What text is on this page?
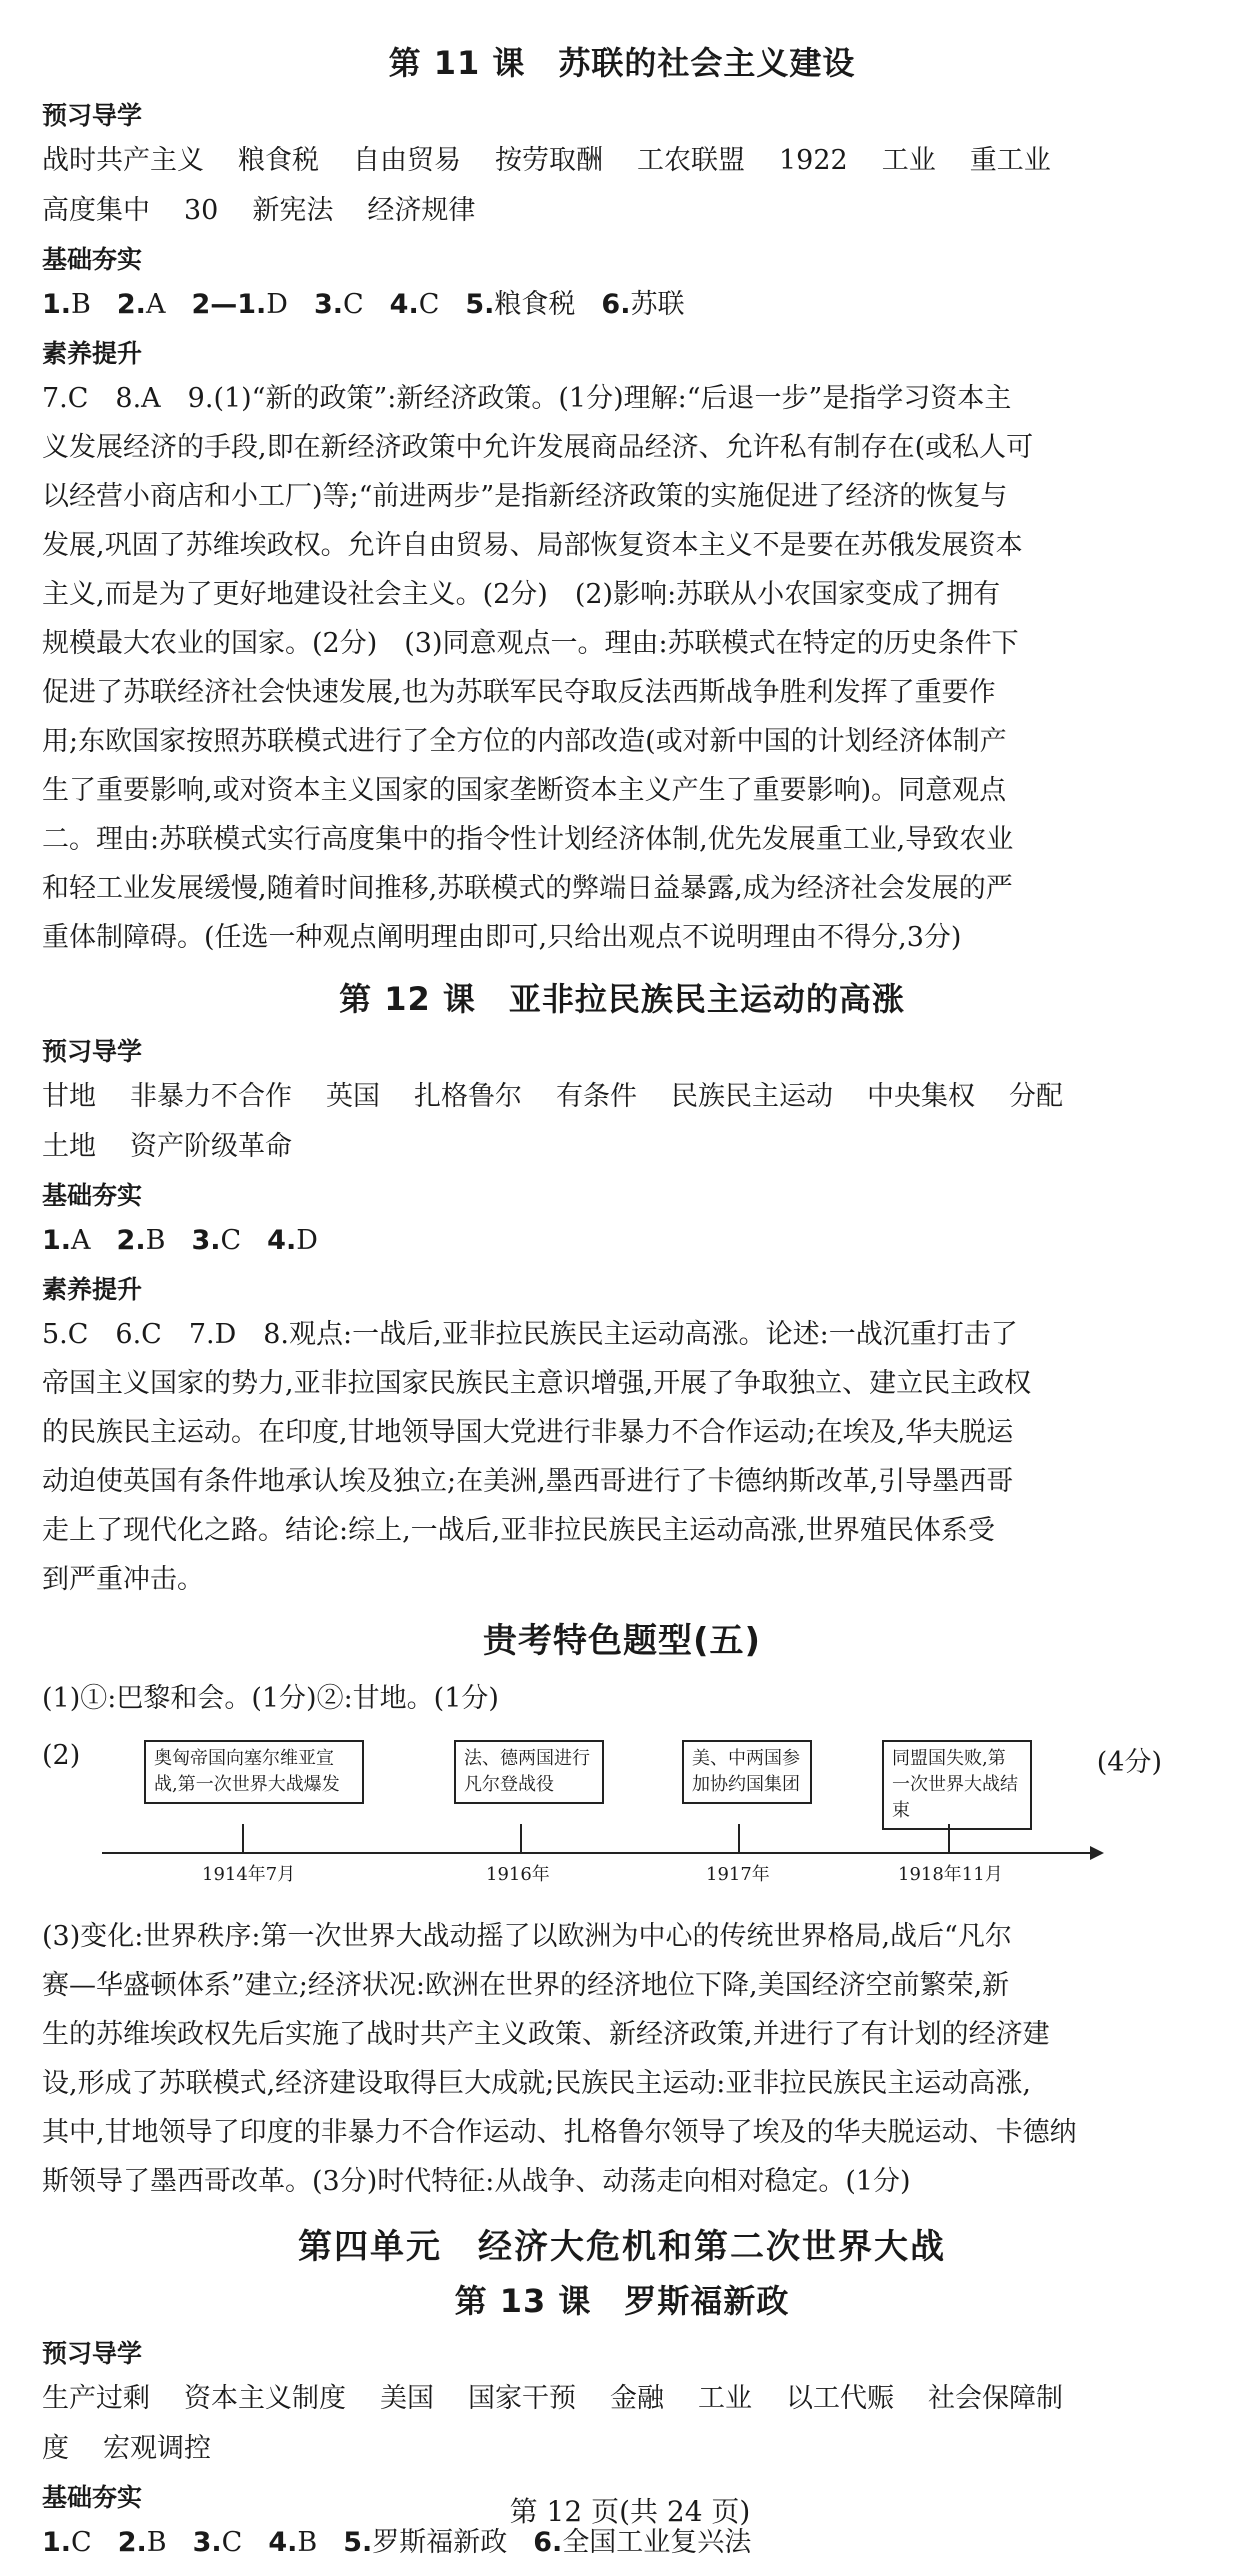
第 11 课　苏联的社会主义建设
预习导学
战时共产主义 粮食税 自由贸易 按劳取酬 工农联盟 1922 工业 重工业
高度集中 30 新宪法 经济规律
基础夯实
1.B 2.A 2—1.D 3.C 4.C 5.粮食税 6.苏联
素养提升
7.C　8.A　9.(1)“新的政策”:新经济政策。(1分)理解:“后退一步”是指学习资本主
义发展经济的手段,即在新经济政策中允许发展商品经济、允许私有制存在(或私人可
以经营小商店和小工厂)等;“前进两步”是指新经济政策的实施促进了经济的恢复与
发展,巩固了苏维埃政权。允许自由贸易、局部恢复资本主义不是要在苏俄发展资本
主义,而是为了更好地建设社会主义。(2分)　(2)影响:苏联从小农国家变成了拥有
规模最大农业的国家。(2分)　(3)同意观点一。理由:苏联模式在特定的历史条件下
促进了苏联经济社会快速发展,也为苏联军民夺取反法西斯战争胜利发挥了重要作
用;东欧国家按照苏联模式进行了全方位的内部改造(或对新中国的计划经济体制产
生了重要影响,或对资本主义国家的国家垄断资本主义产生了重要影响)。同意观点
二。理由:苏联模式实行高度集中的指令性计划经济体制,优先发展重工业,导致农业
和轻工业发展缓慢,随着时间推移,苏联模式的弊端日益暴露,成为经济社会发展的严
重体制障碍。(任选一种观点阐明理由即可,只给出观点不说明理由不得分,3分)
第 12 课　亚非拉民族民主运动的高涨
预习导学
甘地 非暴力不合作 英国 扎格鲁尔 有条件 民族民主运动 中央集权 分配
土地 资产阶级革命
基础夯实
1.A 2.B 3.C 4.D
素养提升
5.C　6.C　7.D　8.观点:一战后,亚非拉民族民主运动高涨。论述:一战沉重打击了
帝国主义国家的势力,亚非拉国家民族民主意识增强,开展了争取独立、建立民主政权
的民族民主运动。在印度,甘地领导国大党进行非暴力不合作运动;在埃及,华夫脱运
动迫使英国有条件地承认埃及独立;在美洲,墨西哥进行了卡德纳斯改革,引导墨西哥
走上了现代化之路。结论:综上,一战后,亚非拉民族民主运动高涨,世界殖民体系受
到严重冲击。
贵考特色题型(五)
(1)①:巴黎和会。(1分)②:甘地。(1分)
(2)	(4分)
奥匈帝国向塞尔维亚宣战,第一次世界大战爆发
法、德两国进行凡尔登战役
美、中两国参加协约国集团
同盟国失败,第一次世界大战结束
1914年7月	1916年	1917年	1918年11月
(3)变化:世界秩序:第一次世界大战动摇了以欧洲为中心的传统世界格局,战后“凡尔
赛—华盛顿体系”建立;经济状况:欧洲在世界的经济地位下降,美国经济空前繁荣,新
生的苏维埃政权先后实施了战时共产主义政策、新经济政策,并进行了有计划的经济建
设,形成了苏联模式,经济建设取得巨大成就;民族民主运动:亚非拉民族民主运动高涨,
其中,甘地领导了印度的非暴力不合作运动、扎格鲁尔领导了埃及的华夫脱运动、卡德纳
斯领导了墨西哥改革。(3分)时代特征:从战争、动荡走向相对稳定。(1分)
第四单元　经济大危机和第二次世界大战
第 13 课　罗斯福新政
预习导学
生产过剩 资本主义制度 美国 国家干预 金融 工业 以工代赈 社会保障制
度 宏观调控
基础夯实
1.C 2.B 3.C 4.B 5.罗斯福新政 6.全国工业复兴法
第 12 页(共 24 页)
